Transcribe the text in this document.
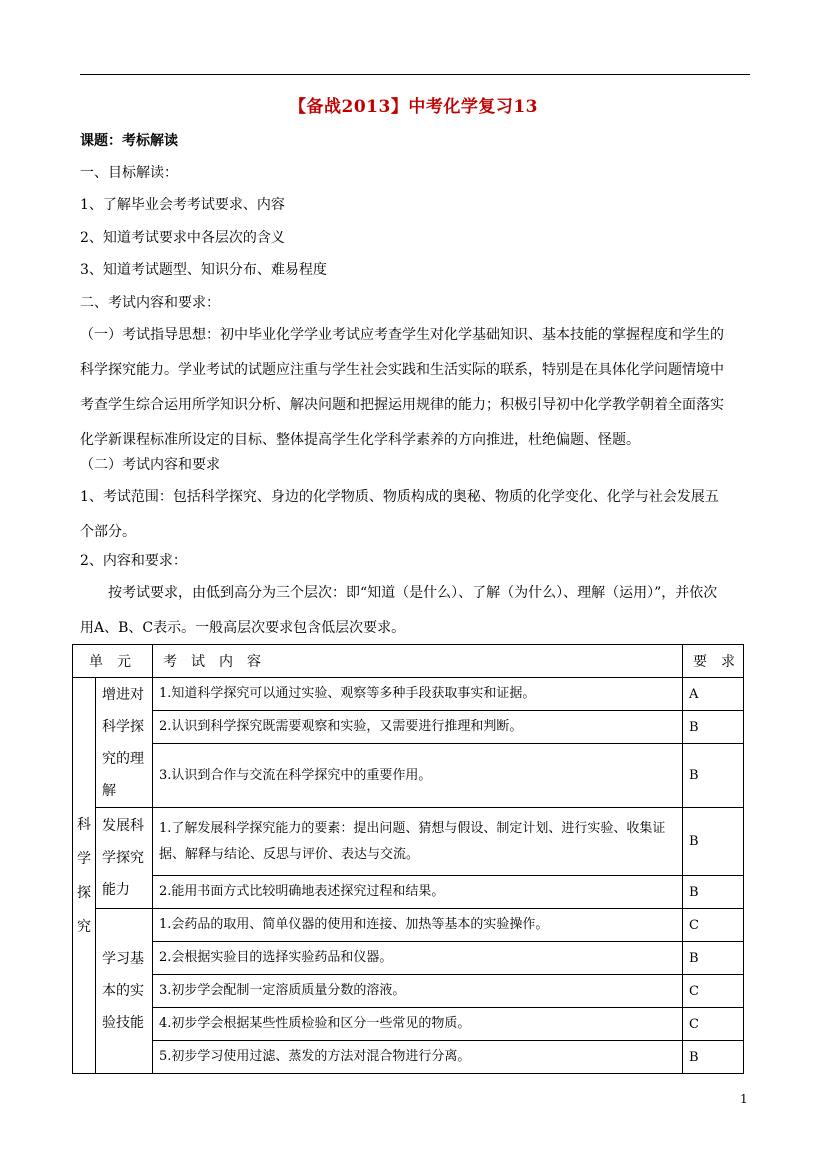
【备战2013】中考化学复习13
课题：考标解读
一、目标解读：
1、了解毕业会考考试要求、内容
2、知道考试要求中各层次的含义
3、知道考试题型、知识分布、难易程度
二、考试内容和要求：
（一）考试指导思想：初中毕业化学学业考试应考查学生对化学基础知识、基本技能的掌握程度和学生的
科学探究能力。学业考试的试题应注重与学生社会实践和生活实际的联系，特别是在具体化学问题情境中
考查学生综合运用所学知识分析、解决问题和把握运用规律的能力；积极引导初中化学教学朝着全面落实
化学新课程标准所设定的目标、整体提高学生化学科学素养的方向推进，杜绝偏题、怪题。
（二）考试内容和要求
1、考试范围：包括科学探究、身边的化学物质、物质构成的奥秘、物质的化学变化、化学与社会发展五
个部分。
2、内容和要求：
按考试要求，由低到高分为三个层次：即“知道（是什么）、了解（为什么）、理解（运用）”，并依次
用A、B、C表示。一般高层次要求包含低层次要求。
单　元		考　试　内　容	要　求

科学探究	增进对科学探究的理解	1.知道科学探究可以通过实验、观察等多种手段获取事实和证据。	A
		2.认识到科学探究既需要观察和实验，又需要进行推理和判断。	B
		3.认识到合作与交流在科学探究中的重要作用。	B

	发展科学探究能力	1.了解发展科学探究能力的要素：提出问题、猜想与假设、制定计划、进行实验、收集证据、解释与结论、反思与评价、表达与交流。	B
		2.能用书面方式比较明确地表述探究过程和结果。	B

	学习基本的实验技能	1.会药品的取用、简单仪器的使用和连接、加热等基本的实验操作。	C
		2.会根据实验目的选择实验药品和仪器。	B
		3.初步学会配制一定溶质质量分数的溶液。	C
		4.初步学会根据某些性质检验和区分一些常见的物质。	C
		5.初步学习使用过滤、蒸发的方法对混合物进行分离。	B
1
